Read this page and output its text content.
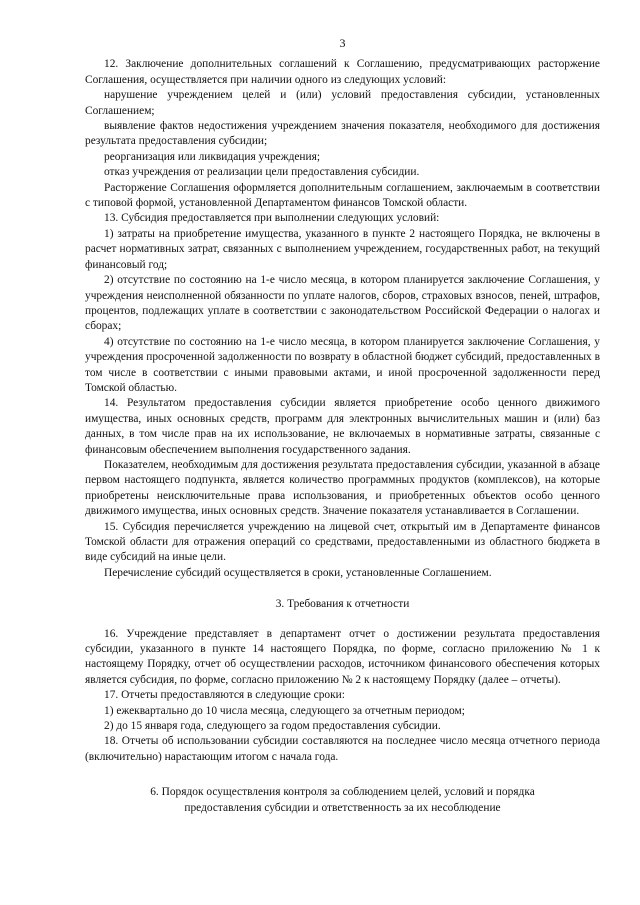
3

12. Заключение дополнительных соглашений к Соглашению, предусматривающих расторжение Соглашения, осуществляется при наличии одного из следующих условий:

нарушение учреждением целей и (или) условий предоставления субсидии, установленных Соглашением;

выявление фактов недостижения учреждением значения показателя, необходимого для достижения результата предоставления субсидии;

реорганизация или ликвидация учреждения;

отказ учреждения от реализации цели предоставления субсидии.

Расторжение Соглашения оформляется дополнительным соглашением, заключаемым в соответствии с типовой формой, установленной Департаментом финансов Томской области.

13. Субсидия предоставляется при выполнении следующих условий:

1) затраты на приобретение имущества, указанного в пункте 2 настоящего Порядка, не включены в расчет нормативных затрат, связанных с выполнением учреждением, государственных работ, на текущий финансовый год;

2) отсутствие по состоянию на 1-е число месяца, в котором планируется заключение Соглашения, у учреждения неисполненной обязанности по уплате налогов, сборов, страховых взносов, пеней, штрафов, процентов, подлежащих уплате в соответствии с законодательством Российской Федерации о налогах и сборах;

4) отсутствие по состоянию на 1-е число месяца, в котором планируется заключение Соглашения, у учреждения просроченной задолженности по возврату в областной бюджет субсидий, предоставленных в том числе в соответствии с иными правовыми актами, и иной просроченной задолженности перед Томской областью.

14. Результатом предоставления субсидии является приобретение особо ценного движимого имущества, иных основных средств, программ для электронных вычислительных машин и (или) баз данных, в том числе прав на их использование, не включаемых в нормативные затраты, связанные с финансовым обеспечением выполнения государственного задания.

Показателем, необходимым для достижения результата предоставления субсидии, указанной в абзаце первом настоящего подпункта, является количество программных продуктов (комплексов), на которые приобретены неисключительные права использования, и приобретенных объектов особо ценного движимого имущества, иных основных средств. Значение показателя устанавливается в Соглашении.

15. Субсидия перечисляется учреждению на лицевой счет, открытый им в Департаменте финансов Томской области для отражения операций со средствами, предоставленными из областного бюджета в виде субсидий на иные цели.

Перечисление субсидий осуществляется в сроки, установленные Соглашением.

3. Требования к отчетности

16. Учреждение представляет в департамент отчет о достижении результата предоставления субсидии, указанного в пункте 14 настоящего Порядка, по форме, согласно приложению № 1 к настоящему Порядку, отчет об осуществлении расходов, источником финансового обеспечения которых является субсидия, по форме, согласно приложению № 2 к настоящему Порядку (далее – отчеты).

17. Отчеты предоставляются в следующие сроки:

1) ежеквартально до 10 числа месяца, следующего за отчетным периодом;

2) до 15 января года, следующего за годом предоставления субсидии.

18. Отчеты об использовании субсидии составляются на последнее число месяца отчетного периода (включительно) нарастающим итогом с начала года.

6. Порядок осуществления контроля за соблюдением целей, условий и порядка
предоставления субсидии и ответственность за их несоблюдение
